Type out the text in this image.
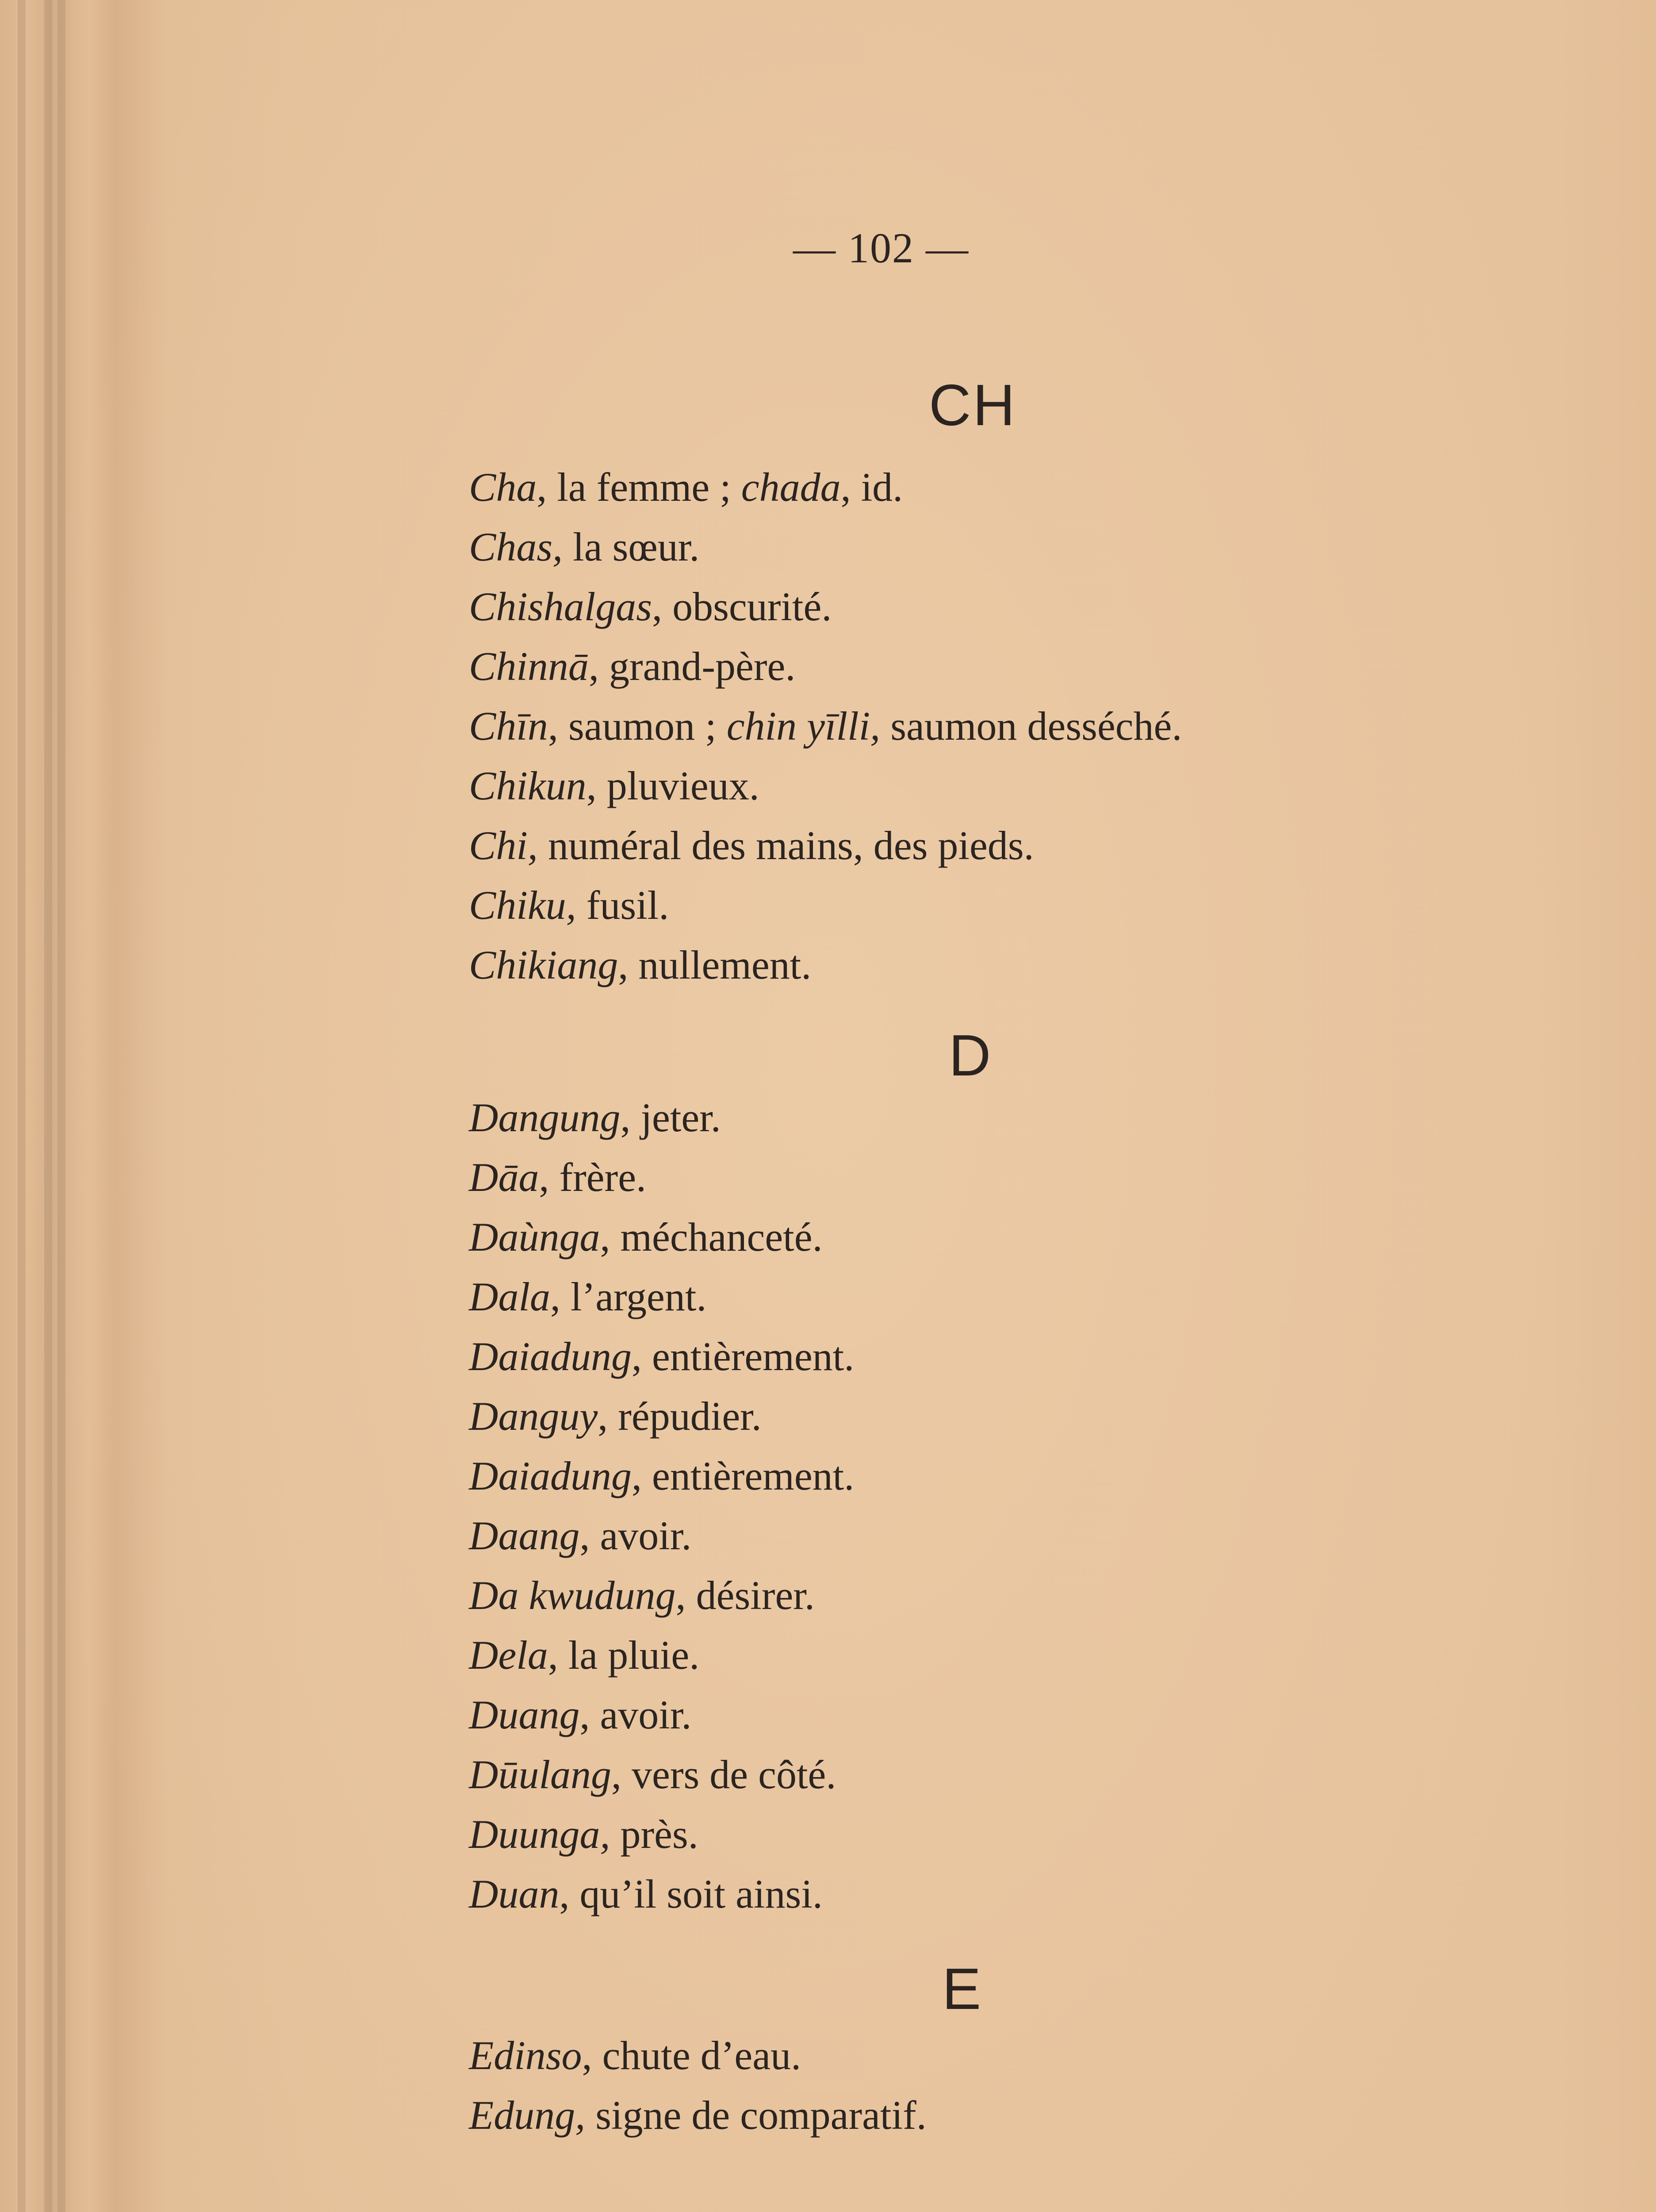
— 102 —
CH
Cha, la femme ; chada, id.
Chas, la sœur.
Chishalgas, obscurité.
Chinnā, grand-père.
Chīn, saumon ; chin yīlli, saumon desséché.
Chikun, pluvieux.
Chi, numéral des mains, des pieds.
Chiku, fusil.
Chikiang, nullement.
D
Dangung, jeter.
Dāa, frère.
Daùnga, méchanceté.
Dala, l’argent.
Daiadung, entièrement.
Danguy, répudier.
Daiadung, entièrement.
Daang, avoir.
Da kwudung, désirer.
Dela, la pluie.
Duang, avoir.
Dūulang, vers de côté.
Duunga, près.
Duan, qu’il soit ainsi.
E
Edinso, chute d’eau.
Edung, signe de comparatif.
